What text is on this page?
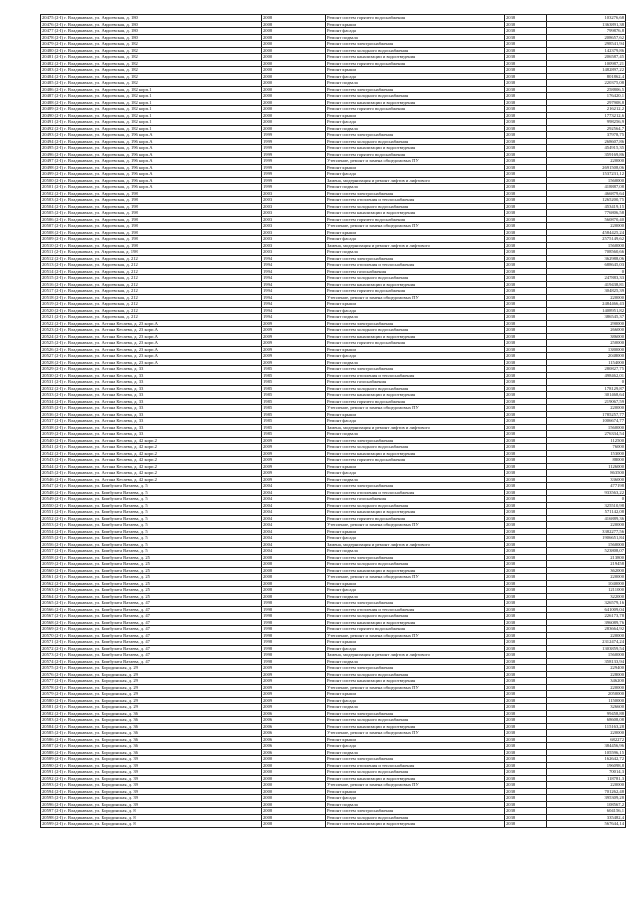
20475 (2-I) г. Владикавказ, ул. Авдоевская, д. 180	2008	Ремонт систем горячего водоснабжения	2038	103276,68
20476 (2-I) г. Владикавказ, ул. Авдоевская, д. 180	2008	Ремонт крыши	2038	1363891,38
20477 (2-I) г. Владикавказ, ул. Авдоевская, д. 180	2008	Ремонт фасада	2038	799876,8
20478 (2-I) г. Владикавказ, ул. Авдоевская, д. 180	2008	Ремонт подвала	2038	208657,62
20479 (2-I) г. Владикавказ, ул. Авдоевская, д. 182	2000	Ремонт систем электроснабжения	2038	298541,94
20480 (2-I) г. Владикавказ, ул. Авдоевская, д. 182	2000	Ремонт систем холодного водоснабжения	2038	142379,86
20481 (2-I) г. Владикавказ, ул. Авдоевская, д. 182	2000	Ремонт систем канализации и водоотведения	2038	206587,45
20482 (2-I) г. Владикавказ, ул. Авдоевская, д. 182	2000	Ремонт систем горячего водоснабжения	2038	100987,21
20483 (2-I) г. Владикавказ, ул. Авдоевская, д. 182	2000	Ремонт крыши	2038	1482897,22
20484 (2-I) г. Владикавказ, ул. Авдоевская, д. 182	2000	Ремонт фасада	2038	801862,4
20485 (2-I) г. Владикавказ, ул. Авдоевская, д. 182	2000	Ремонт подвала	2038	220375,08
20486 (2-I) г. Владикавказ, ул. Авдоевская, д. 182 корп.1	2000	Ремонт систем электроснабжения	2038	258806,5
20487 (2-I) г. Владикавказ, ул. Авдоевская, д. 182 корп.1	2000	Ремонт систем холодного водоснабжения	2038	176420,1
20488 (2-I) г. Владикавказ, ул. Авдоевская, д. 182 корп.1	2000	Ремонт систем канализации и водоотведения	2038	297908,8
20489 (2-I) г. Владикавказ, ул. Авдоевская, д. 182 корп.1	2000	Ремонт систем горячего водоснабжения	2038	216212,2
20490 (2-I) г. Владикавказ, ул. Авдоевская, д. 182 корп.1	2000	Ремонт крыши	2038	1773212,6
20491 (2-I) г. Владикавказ, ул. Авдоевская, д. 182 корп.1	2000	Ремонт фасада	2038	998256,9
20492 (2-I) г. Владикавказ, ул. Авдоевская, д. 182 корп.1	2000	Ремонт подвала	2038	292564,7
20493 (2-I) г. Владикавказ, ул. Авдоевская, д. 196 корп.А	1999	Ремонт систем электроснабжения	2038	37978,75
20494 (2-I) г. Владикавказ, ул. Авдоевская, д. 196 корп.А	1999	Ремонт систем холодного водоснабжения	2038	268607,86
20495 (2-I) г. Владикавказ, ул. Авдоевская, д. 196 корп.А	1999	Ремонт систем канализации и водоотведения	2038	454915,35
20496 (2-I) г. Владикавказ, ул. Авдоевская, д. 196 корп.А	1999	Ремонт систем горячего водоснабжения	2038	359169,86
20497 (2-I) г. Владикавказ, ул. Авдоевская, д. 196 корп.А	1999	Утепление, ремонт и замена общедомовых ПУ	2038	220000
20498 (2-I) г. Владикавказ, ул. Авдоевская, д. 196 корп.А	1999	Ремонт крыши	2038	2691508,06
20499 (2-I) г. Владикавказ, ул. Авдоевская, д. 196 корп.А	1999	Ремонт фасада	2038	1537231,12
20500 (2-I) г. Владикавказ, ул. Авдоевская, д. 196 корп.А	1999	Замена, модернизация и ремонт лифтов и лифтового	2038	1560000
20501 (2-I) г. Владикавказ, ул. Авдоевская, д. 196 корп.А	1999	Ремонт подвала	2038	418887,08
20502 (2-I) г. Владикавказ, ул. Авдоевская, д. 198	2003	Ремонт систем электроснабжения	2038	466879,64
20503 (2-I) г. Владикавказ, ул. Авдоевская, д. 198	2003	Ремонт систем отопления и теплоснабжения	2038	1265200,75
20504 (2-I) г. Владикавказ, ул. Авдоевская, д. 198	2003	Ремонт систем холодного водоснабжения	2038	453419,15
20505 (2-I) г. Владикавказ, ул. Авдоевская, д. 198	2003	Ремонт систем канализации и водоотведения	2038	776806,58
20506 (2-I) г. Владикавказ, ул. Авдоевская, д. 198	2003	Ремонт систем горячего водоснабжения	2038	560870,40
20507 (2-I) г. Владикавказ, ул. Авдоевская, д. 198	2003	Утепление, ремонт и замена общедомовых ПУ	2038	220000
20508 (2-I) г. Владикавказ, ул. Авдоевская, д. 198	2003	Ремонт крыши	2038	4584425,24
20509 (2-I) г. Владикавказ, ул. Авдоевская, д. 198	2003	Ремонт фасада	2038	2575149,62
20510 (2-I) г. Владикавказ, ул. Авдоевская, д. 198	2003	Замена, модернизация и ремонт лифтов и лифтового	2038	1560000
20511 (2-I) г. Владикавказ, ул. Авдоевская, д. 198	2003	Ремонт подвала	2038	708560,66
20512 (2-I) г. Владикавказ, ул. Авдоевская, д. 212	1994	Ремонт систем электроснабжения	2038	362988,06
20513 (2-I) г. Владикавказ, ул. Авдоевская, д. 212	1994	Ремонт систем отопления и теплоснабжения	2038	688645,03
20514 (2-I) г. Владикавказ, ул. Авдоевская, д. 212	1994	Ремонт систем газоснабжения	2038	0
20515 (2-I) г. Владикавказ, ул. Авдоевская, д. 212	1994	Ремонт систем холодного водоснабжения	2038	247883,33
20516 (2-I) г. Владикавказ, ул. Авдоевская, д. 212	1994	Ремонт систем канализации и водоотведения	2038	419438,81
20517 (2-I) г. Владикавказ, ул. Авдоевская, д. 212	1994	Ремонт систем горячего водоснабжения	2038	304825,39
20518 (2-I) г. Владикавказ, ул. Авдоевская, д. 212	1994	Утепление, ремонт и замена общедомовых ПУ	2038	220000
20519 (2-I) г. Владикавказ, ул. Авдоевская, д. 212	1994	Ремонт крыши	2038	2484466,43
20520 (2-I) г. Владикавказ, ул. Авдоевская, д. 212	1994	Ремонт фасада	2038	1408951,82
20521 (2-I) г. Владикавказ, ул. Авдоевская, д. 212	1994	Ремонт подвала	2038	386545,37
20522 (2-I) г. Владикавказ, ул. Астана Кесаева, д. 23 корп.А	2009	Ремонт систем электроснабжения	2038	290000
20523 (2-I) г. Владикавказ, ул. Астана Кесаева, д. 23 корп.А	2009	Ремонт систем холодного водоснабжения	2038	266000
20524 (2-I) г. Владикавказ, ул. Астана Кесаева, д. 23 корп.А	2009	Ремонт систем канализации и водоотведения	2038	386000
20525 (2-I) г. Владикавказ, ул. Астана Кесаева, д. 23 корп.А	2009	Ремонт систем горячего водоснабжения	2038	250000
20526 (2-I) г. Владикавказ, ул. Астана Кесаева, д. 23 корп.А	2009	Ремонт крыши	2038	1380000
20527 (2-I) г. Владикавказ, ул. Астана Кесаева, д. 23 корп.А	2009	Ремонт фасада	2038	2048000
20528 (2-I) г. Владикавказ, ул. Астана Кесаева, д. 23 корп.А	2009	Ремонт подвала	2038	1154000
20529 (2-I) г. Владикавказ, ул. Астана Кесаева, д. 33	1985	Ремонт систем электроснабжения	2038	280827,75
20530 (2-I) г. Владикавказ, ул. Астана Кесаева, д. 33	1985	Ремонт систем отопления и теплоснабжения	2038	498462,01
20531 (2-I) г. Владикавказ, ул. Астана Кесаева, д. 33	1985	Ремонт систем газоснабжения	2038	0
20532 (2-I) г. Владикавказ, ул. Астана Кесаева, д. 33	1985	Ремонт систем холодного водоснабжения	2038	178129,87
20533 (2-I) г. Владикавказ, ул. Астана Кесаева, д. 33	1985	Ремонт систем канализации и водоотведения	2038	301468,64
20534 (2-I) г. Владикавказ, ул. Астана Кесаева, д. 33	1985	Ремонт систем горячего водоснабжения	2038	219067,59
20535 (2-I) г. Владикавказ, ул. Астана Кесаева, д. 33	1985	Утепление, ремонт и замена общедомовых ПУ	2038	220000
20536 (2-I) г. Владикавказ, ул. Астана Кесаева, д. 33	1985	Ремонт крыши	2038	1785257,77
20537 (2-I) г. Владикавказ, ул. Астана Кесаева, д. 33	1985	Ремонт фасада	2038	1006674,77
20538 (2-I) г. Владикавказ, ул. Астана Кесаева, д. 33	1985	Замена, модернизация и ремонт лифтов и лифтового	2038	1560000
20539 (2-I) г. Владикавказ, ул. Астана Кесаева, д. 33	1985	Ремонт подвала	2038	276334,54
20540 (2-I) г. Владикавказ, ул. Астана Кесаева, д. 42 корп.2	2009	Ремонт систем электроснабжения	2038	112500
20541 (2-I) г. Владикавказ, ул. Астана Кесаева, д. 42 корп.2	2009	Ремонт систем холодного водоснабжения	2038	76000
20542 (2-I) г. Владикавказ, ул. Астана Кесаева, д. 42 корп.2	2009	Ремонт систем канализации и водоотведения	2038	153000
20543 (2-I) г. Владикавказ, ул. Астана Кесаева, д. 42 корп.2	2009	Ремонт систем горячего водоснабжения	2038	88000
20544 (2-I) г. Владикавказ, ул. Астана Кесаева, д. 42 корп.2	2009	Ремонт крыши	2038	1126000
20545 (2-I) г. Владикавказ, ул. Астана Кесаева, д. 42 корп.2	2009	Ремонт фасада	2038	863500
20546 (2-I) г. Владикавказ, ул. Астана Кесаева, д. 42 корп.2	2009	Ремонт подвала	2038	336000
20547 (2-I) г. Владикавказ, ул. Бимбулата Ватаева, д. 5	2004	Ремонт систем электроснабжения	2038	477198
20548 (2-I) г. Владикавказ, ул. Бимбулата Ватаева, д. 5	2004	Ремонт систем отопления и теплоснабжения	2038	933563,22
20549 (2-I) г. Владикавказ, ул. Бимбулата Ватаева, д. 5	2004	Ремонт систем газоснабжения	2038	0
20550 (2-I) г. Владикавказ, ул. Бимбулата Ватаева, д. 5	2004	Ремонт систем холодного водоснабжения	2038	325510,98
20551 (2-I) г. Владикавказ, ул. Бимбулата Ватаева, д. 5	2004	Ремонт систем канализации и водоотведения	2038	571142,08
20552 (2-I) г. Владикавказ, ул. Бимбулата Ватаева, д. 5	2004	Ремонт систем горячего водоснабжения	2038	416889,36
20553 (2-I) г. Владикавказ, ул. Бимбулата Ватаева, д. 5	2004	Утепление, ремонт и замена общедомовых ПУ	2038	220000
20554 (2-I) г. Владикавказ, ул. Бимбулата Ватаева, д. 5	2004	Ремонт крыши	2038	3382277,56
20555 (2-I) г. Владикавказ, ул. Бимбулата Ватаева, д. 5	2004	Ремонт фасада	2038	1906651,84
20556 (2-I) г. Владикавказ, ул. Бимбулата Ватаева, д. 5	2004	Замена, модернизация и ремонт лифтов и лифтового	2038	1560000
20557 (2-I) г. Владикавказ, ул. Бимбулата Ватаева, д. 5	2004	Ремонт подвала	2038	523808,07
20558 (2-I) г. Владикавказ, ул. Бимбулата Ватаева, д. 25	2008	Ремонт систем электроснабжения	2038	213800
20559 (2-I) г. Владикавказ, ул. Бимбулата Ватаева, д. 25	2008	Ремонт систем холодного водоснабжения	2038	219458
20560 (2-I) г. Владикавказ, ул. Бимбулата Ватаева, д. 25	2008	Ремонт систем канализации и водоотведения	2038	362000
20561 (2-I) г. Владикавказ, ул. Бимбулата Ватаева, д. 25	2008	Утепление, ремонт и замена общедомовых ПУ	2038	220000
20562 (2-I) г. Владикавказ, ул. Бимбулата Ватаева, д. 25	2008	Ремонт крыши	2038	1040000
20563 (2-I) г. Владикавказ, ул. Бимбулата Ватаева, д. 25	2008	Ремонт фасада	2038	1211000
20564 (2-I) г. Владикавказ, ул. Бимбулата Ватаева, д. 25	2008	Ремонт подвала	2038	322000
20565 (2-I) г. Владикавказ, ул. Бимбулата Ватаева, д. 47	1998	Ремонт систем электроснабжения	2038	326579,16
20566 (2-I) г. Владикавказ, ул. Бимбулата Ватаева, д. 47	1998	Ремонт систем отопления и теплоснабжения	2038	641009,04
20567 (2-I) г. Владикавказ, ул. Бимбулата Ватаева, д. 47	1998	Ремонт систем холодного водоснабжения	2038	226173,78
20568 (2-I) г. Владикавказ, ул. Бимбулата Ватаева, д. 47	1998	Ремонт систем канализации и водоотведения	2038	396089,76
20569 (2-I) г. Владикавказ, ул. Бимбулата Ватаева, д. 47	1998	Ремонт систем горячего водоснабжения	2038	283664,92
20570 (2-I) г. Владикавказ, ул. Бимбулата Ватаева, д. 47	1998	Утепление, ремонт и замена общедомовых ПУ	2038	220000
20571 (2-I) г. Владикавказ, ул. Бимбулата Ватаева, д. 47	1998	Ремонт крыши	2038	2312474,24
20572 (2-I) г. Владикавказ, ул. Бимбулата Ватаева, д. 47	1998	Ремонт фасада	2038	1303859,54
20573 (2-I) г. Владикавказ, ул. Бимбулата Ватаева, д. 47	1998	Замена, модернизация и ремонт лифтов и лифтового	2038	1560000
20574 (2-I) г. Владикавказ, ул. Бимбулата Ватаева, д. 47	1998	Ремонт подвала	2038	358133,94
20575 (2-I) г. Владикавказ, ул. Бородинская, д. 29	2009	Ремонт систем электроснабжения	2038	229400
20576 (2-I) г. Владикавказ, ул. Бородинская, д. 29	2009	Ремонт систем холодного водоснабжения	2038	228000
20577 (2-I) г. Владикавказ, ул. Бородинская, д. 29	2009	Ремонт систем канализации и водоотведения	2038	346200
20578 (2-I) г. Владикавказ, ул. Бородинская, д. 29	2009	Утепление, ремонт и замена общедомовых ПУ	2038	220000
20579 (2-I) г. Владикавказ, ул. Бородинская, д. 29	2009	Ремонт крыши	2038	2050000
20580 (2-I) г. Владикавказ, ул. Бородинская, д. 29	2009	Ремонт фасада	2038	1150000
20581 (2-I) г. Владикавказ, ул. Бородинская, д. 29	2009	Ремонт подвала	2038	326600
20582 (2-I) г. Владикавказ, ул. Бородинская, д. 36	2006	Ремонт систем электроснабжения	2038	99458,88
20583 (2-I) г. Владикавказ, ул. Бородинская, д. 36	2006	Ремонт систем холодного водоснабжения	2038	68608,08
20584 (2-I) г. Владикавказ, ул. Бородинская, д. 36	2006	Ремонт систем канализации и водоотведения	2038	115163,28
20585 (2-I) г. Владикавказ, ул. Бородинская, д. 36	2006	Утепление, ремонт и замена общедомовых ПУ	2038	220000
20586 (2-I) г. Владикавказ, ул. Бородинская, д. 36	2006	Ремонт крыши	2038	682272
20587 (2-I) г. Владикавказ, ул. Бородинская, д. 36	2006	Ремонт фасада	2038	384456,96
20588 (2-I) г. Владикавказ, ул. Бородинская, д. 36	2006	Ремонт подвала	2038	105596,15
20589 (2-I) г. Владикавказ, ул. Бородинская, д. 39	2000	Ремонт систем электроснабжения	2038	162642,72
20590 (2-I) г. Владикавказ, ул. Бородинская, д. 39	2000	Ремонт систем отопления и теплоснабжения	2038	196098,8
20591 (2-I) г. Владикавказ, ул. Бородинская, д. 39	2000	Ремонт систем холодного водоснабжения	2038	70014,3
20592 (2-I) г. Владикавказ, ул. Бородинская, д. 39	2000	Ремонт систем канализации и водоотведения	2038	118781,3
20593 (2-I) г. Владикавказ, ул. Бородинская, д. 39	2000	Утепление, ремонт и замена общедомовых ПУ	2038	220000
20594 (2-I) г. Владикавказ, ул. Бородинская, д. 39	2000	Ремонт крыши	2038	701262,48
20595 (2-I) г. Владикавказ, ул. Бородинская, д. 39	2000	Ремонт фасада	2038	395309,28
20596 (2-I) г. Владикавказ, ул. Бородинская, д. 39	2000	Ремонт подвала	2038	108567,2
20597 (2-I) г. Владикавказ, ул. Бородинская, д. 8	2008	Ремонт систем электроснабжения	2038	604156,1
20598 (2-I) г. Владикавказ, ул. Бородинская, д. 8	2008	Ремонт систем холодного водоснабжения	2038	335482,4
20599 (2-I) г. Владикавказ, ул. Бородинская, д. 8	2008	Ремонт систем канализации и водоотведения	2038	567644,14
